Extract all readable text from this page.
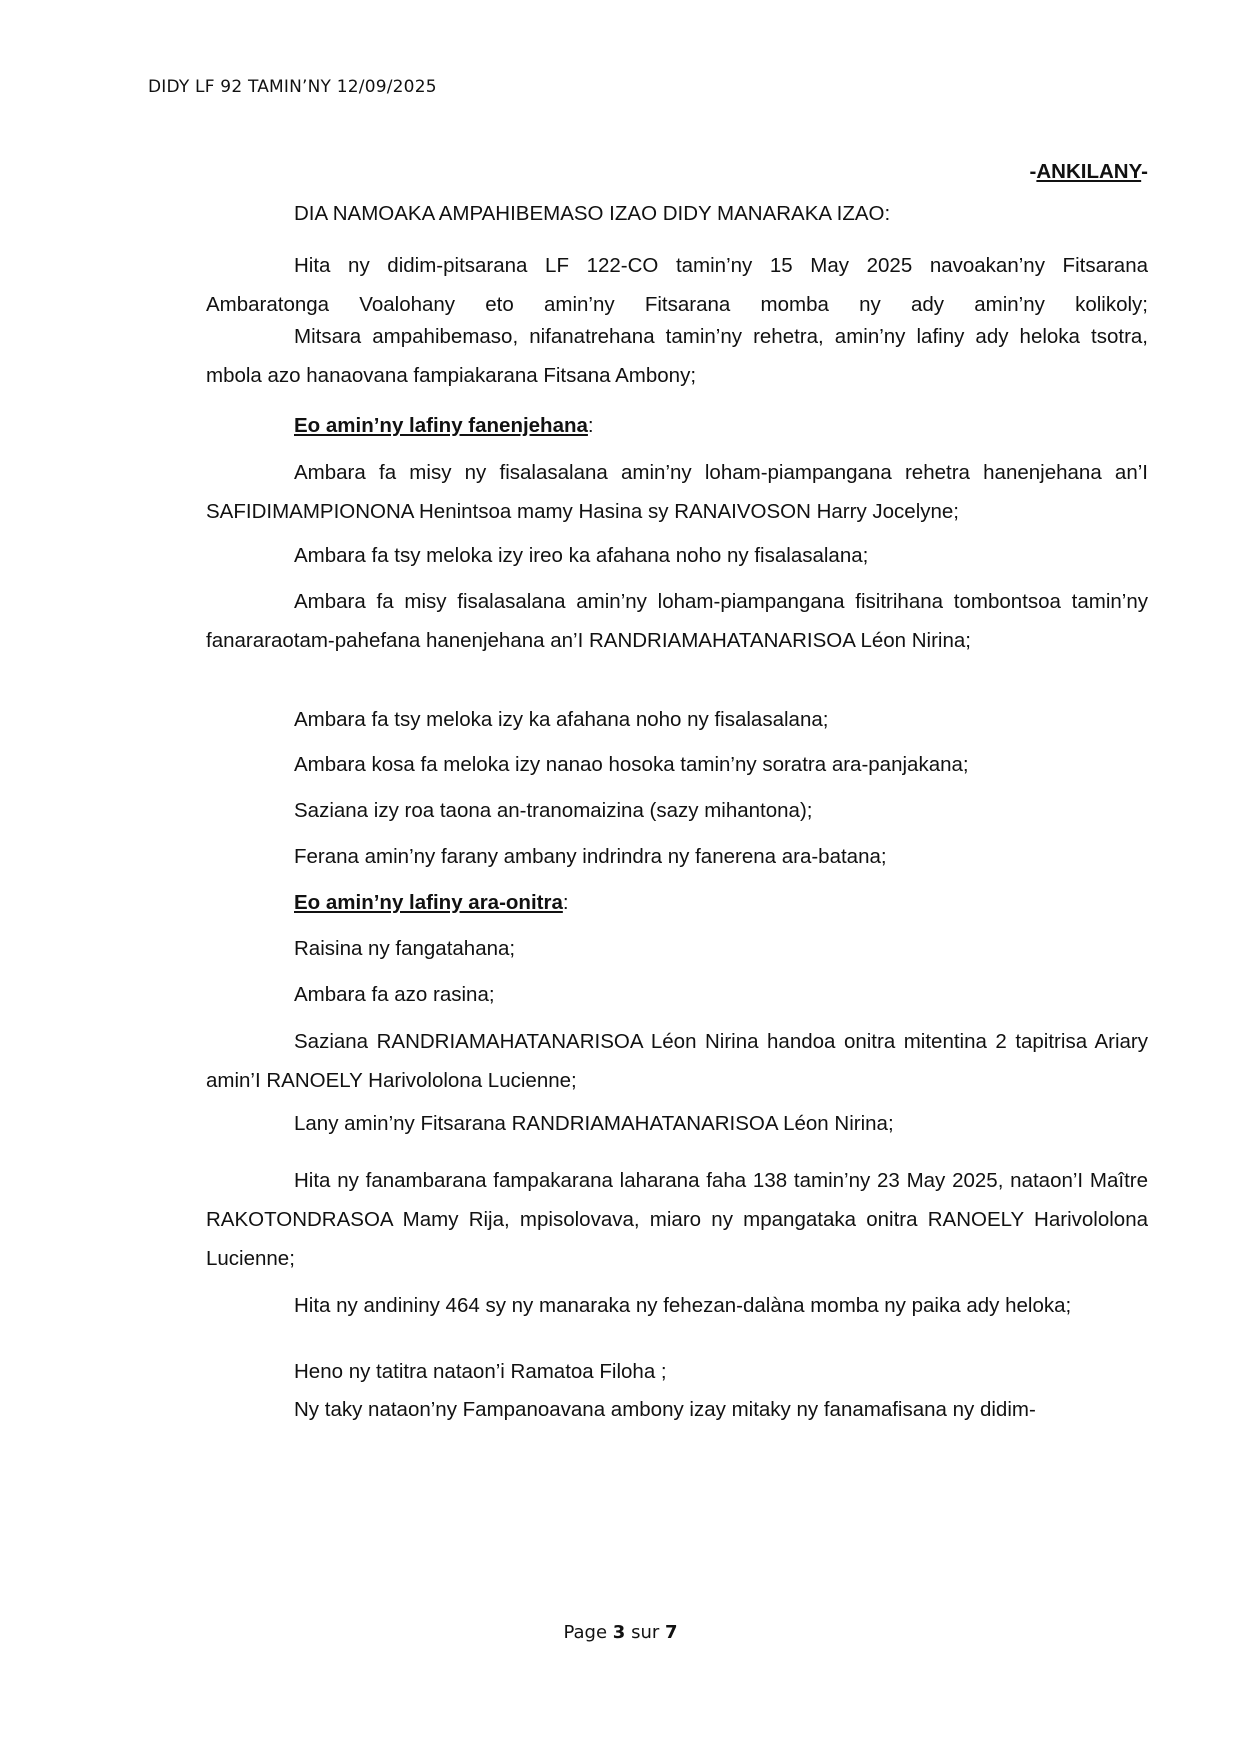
DIDY LF 92 TAMIN’NY 12/09/2025
-ANKILANY-
DIA NAMOAKA AMPAHIBEMASO IZAO DIDY MANARAKA IZAO:
Hita ny didim-pitsarana LF 122-CO tamin’ny 15 May 2025 navoakan’ny Fitsarana Ambaratonga Voalohany eto amin’ny Fitsarana momba ny ady amin’ny kolikoly;
Mitsara ampahibemaso, nifanatrehana tamin’ny rehetra, amin’ny lafiny ady heloka tsotra, mbola azo hanaovana fampiakarana Fitsana Ambony;
Eo amin’ny lafiny fanenjehana:
Ambara fa misy ny fisalasalana amin’ny loham-piampangana rehetra hanenjehana an’I SAFIDIMAMPIONONA Henintsoa mamy Hasina sy RANAIVOSON Harry Jocelyne;
Ambara fa tsy meloka izy ireo ka afahana noho ny fisalasalana;
Ambara fa misy fisalasalana amin’ny loham-piampangana fisitrihana tombontsoa tamin’ny fanararaotam-pahefana hanenjehana an’I RANDRIAMAHATANARISOA Léon Nirina;
Ambara fa tsy meloka izy ka afahana noho ny fisalasalana;
Ambara kosa fa meloka izy nanao hosoka tamin’ny soratra ara-panjakana;
Saziana izy roa taona an-tranomaizina (sazy mihantona);
Ferana amin’ny farany ambany indrindra ny fanerena ara-batana;
Eo amin’ny lafiny ara-onitra:
Raisina ny fangatahana;
Ambara fa azo rasina;
Saziana RANDRIAMAHATANARISOA Léon Nirina handoa onitra mitentina 2 tapitrisa Ariary amin’I RANOELY Harivololona Lucienne;
Lany amin’ny Fitsarana RANDRIAMAHATANARISOA Léon Nirina;
Hita ny fanambarana fampakarana laharana faha 138 tamin’ny 23 May 2025, nataon’I Maître RAKOTONDRASOA Mamy Rija, mpisolovava, miaro ny mpangataka onitra RANOELY Harivololona Lucienne;
Hita ny andininy 464 sy ny manaraka ny fehezan-dalàna momba ny paika ady heloka;
Heno ny tatitra nataon’i Ramatoa Filoha ;
Ny taky nataon’ny Fampanoavana ambony izay mitaky ny fanamafisana ny didim-
Page 3 sur 7
